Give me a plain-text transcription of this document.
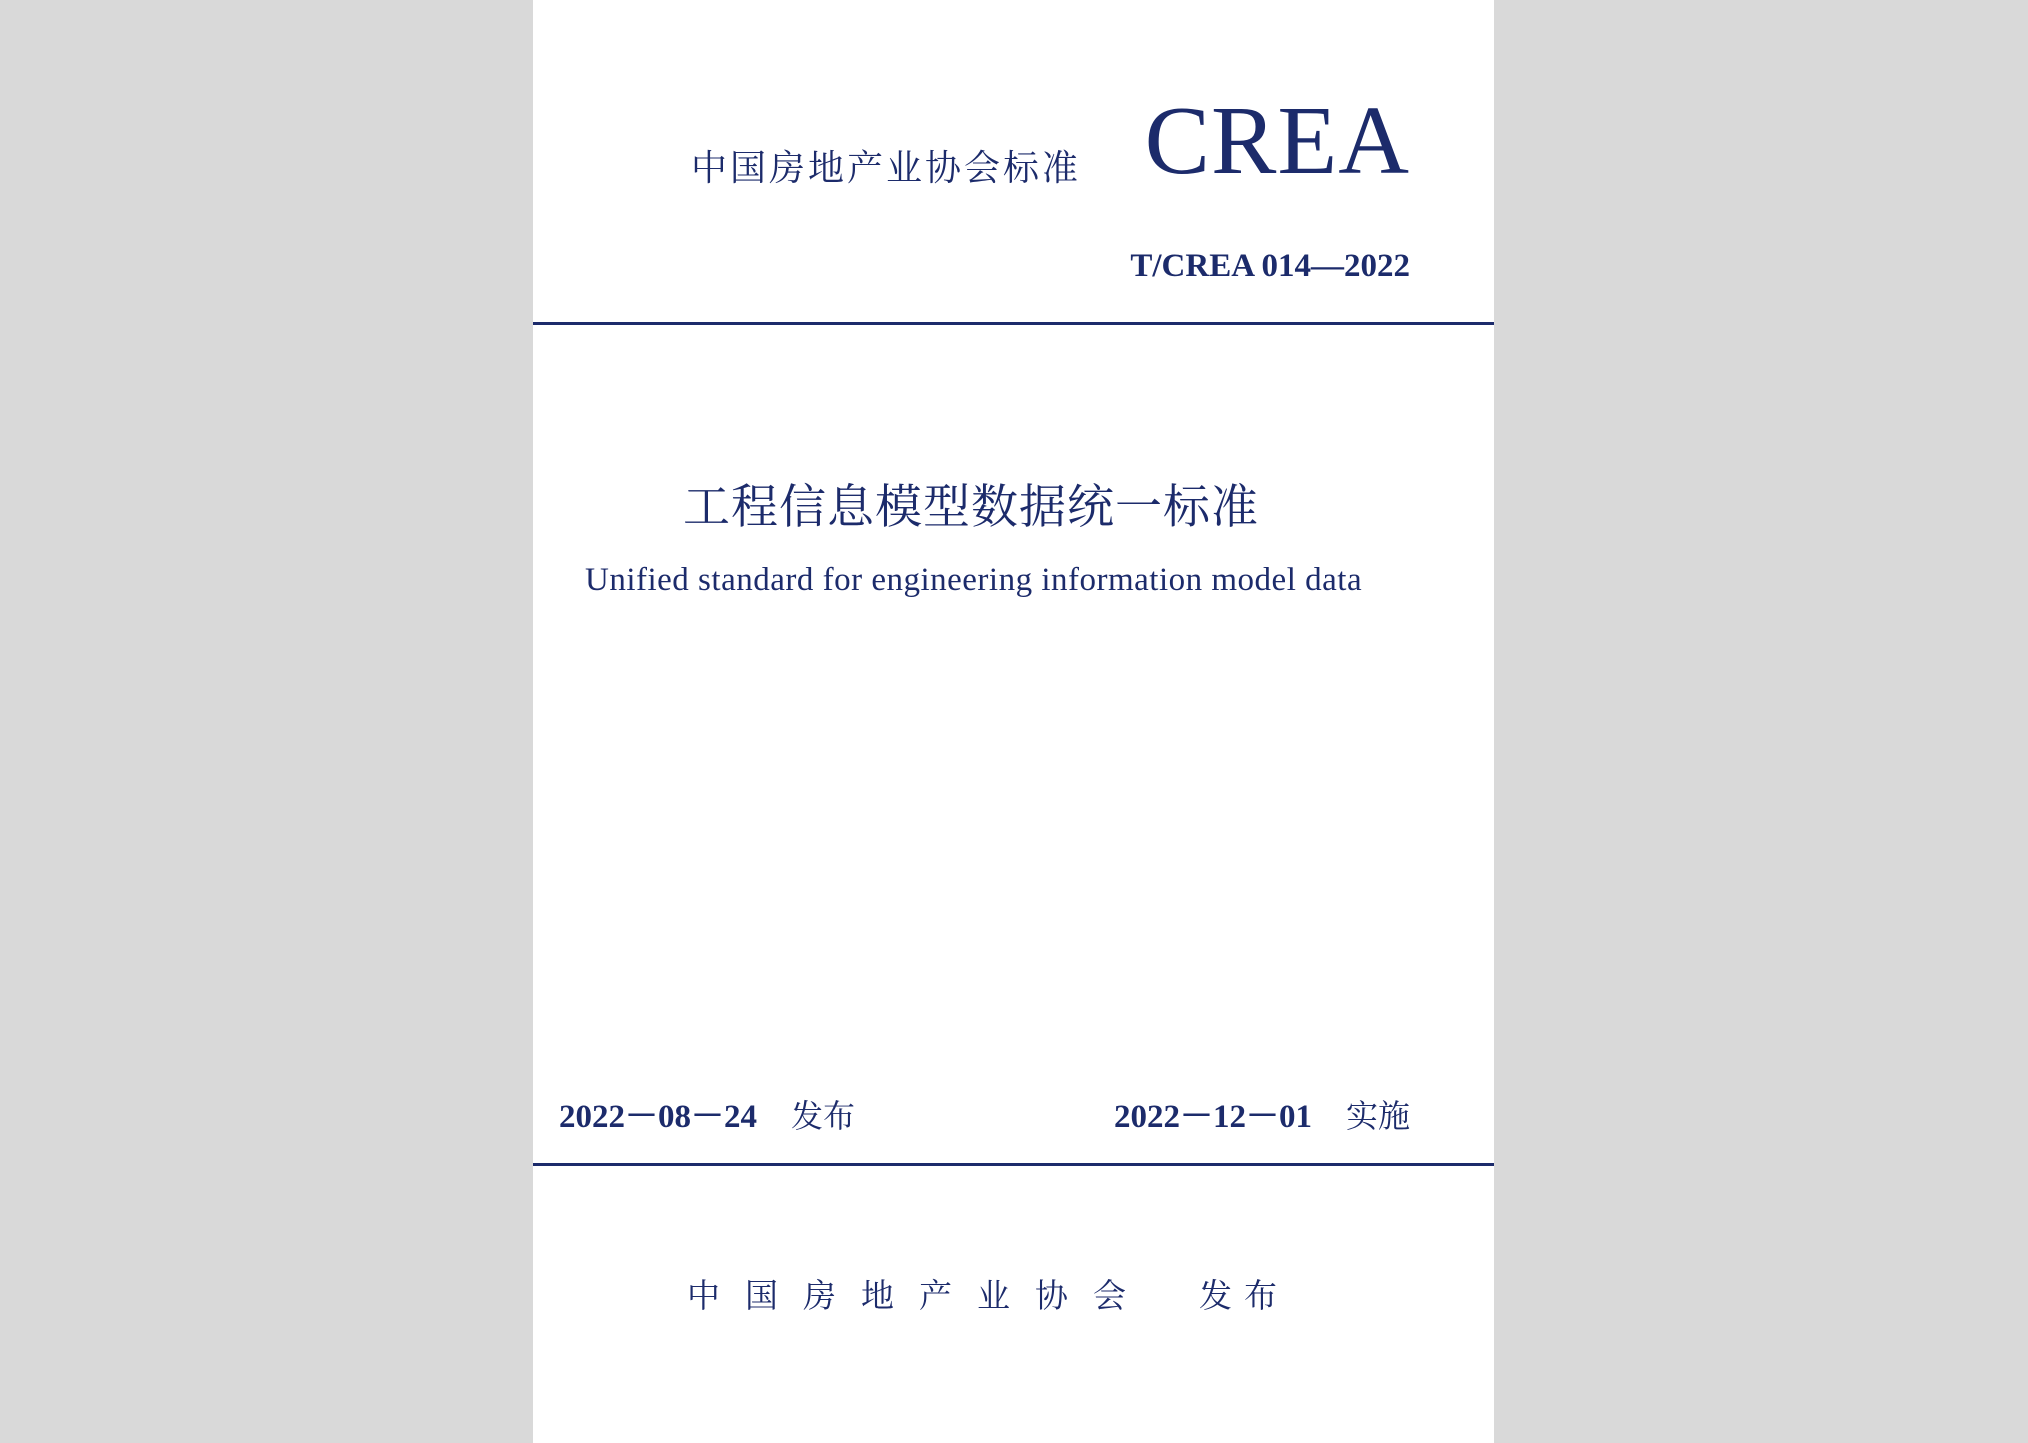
中国房地产业协会标准 CREA
T/CREA 014—2022
工程信息模型数据统一标准
Unified standard for engineering information model data
2022－08－24 发布	2022－12－01 实施
中国房地产业协会 发布
